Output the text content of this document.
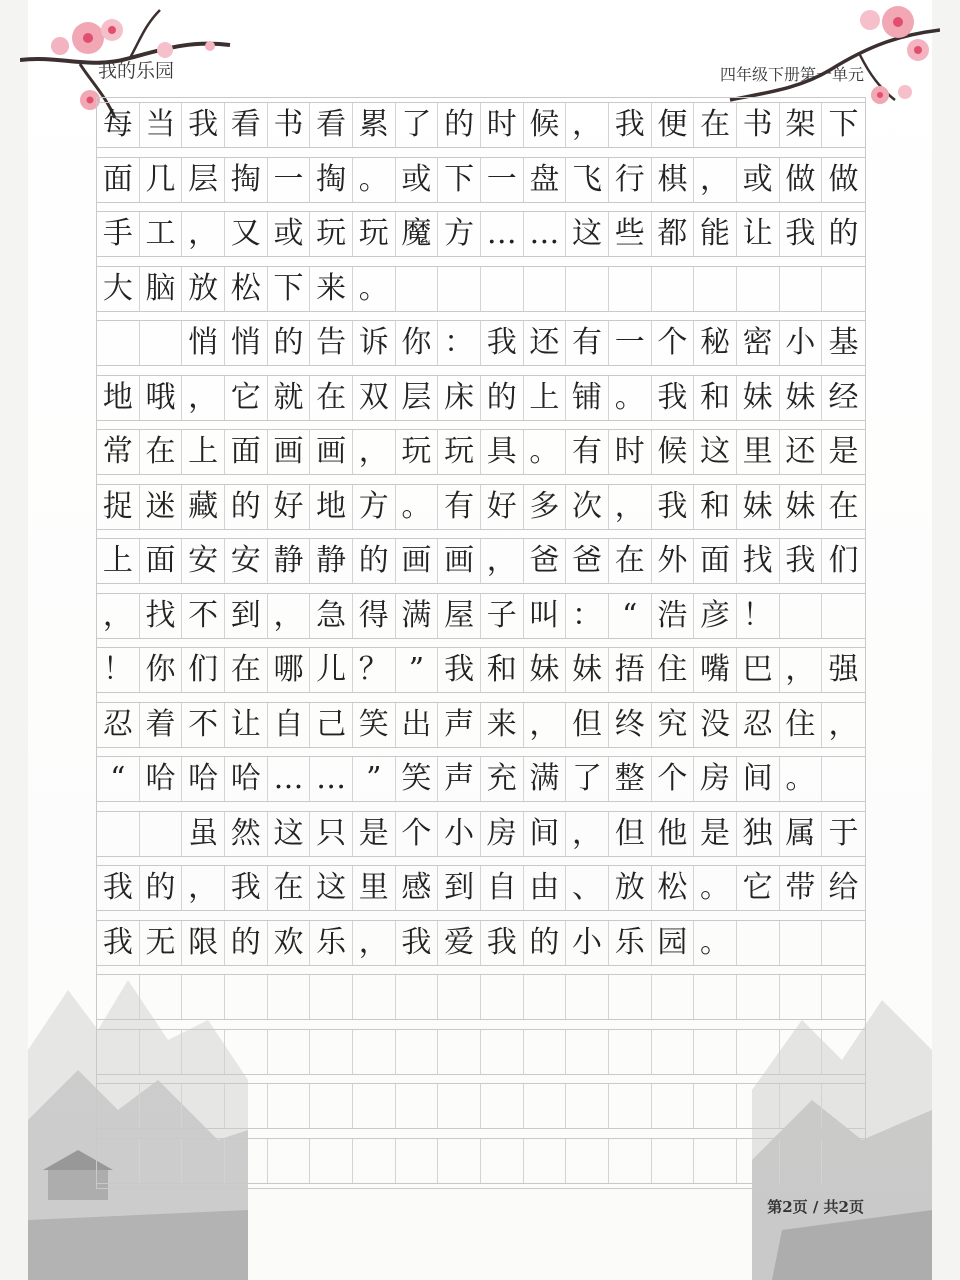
我的乐园	四年级下册第一单元
每 当 我 看 书 看 累 了 的 时 候 ， 我 便 在 书 架 下
面 几 层 掏 一 掏 。 或 下 一 盘 飞 行 棋 ， 或 做 做
手 工 ， 又 或 玩 玩 魔 方 … … 这 些 都 能 让 我 的
大 脑 放 松 下 来 。
悄 悄 的 告 诉 你 ： 我 还 有 一 个 秘 密 小 基
地 哦 ， 它 就 在 双 层 床 的 上 铺 。 我 和 妹 妹 经
常 在 上 面 画 画 ， 玩 玩 具 。 有 时 候 这 里 还 是
捉 迷 藏 的 好 地 方 。 有 好 多 次 ， 我 和 妹 妹 在
上 面 安 安 静 静 的 画 画 ， 爸 爸 在 外 面 找 我 们
， 找 不 到 ， 急 得 满 屋 子 叫 ： “ 浩 彦 ！
！ 你 们 在 哪 儿 ？ ” 我 和 妹 妹 捂 住 嘴 巴 ， 强
忍 着 不 让 自 己 笑 出 声 来 ， 但 终 究 没 忍 住 ，
“ 哈 哈 哈 … … ” 笑 声 充 满 了 整 个 房 间 。
虽 然 这 只 是 个 小 房 间 ， 但 他 是 独 属 于
我 的 ， 我 在 这 里 感 到 自 由 、 放 松 。 它 带 给
我 无 限 的 欢 乐 ， 我 爱 我 的 小 乐 园 。
第2页 / 共2页
